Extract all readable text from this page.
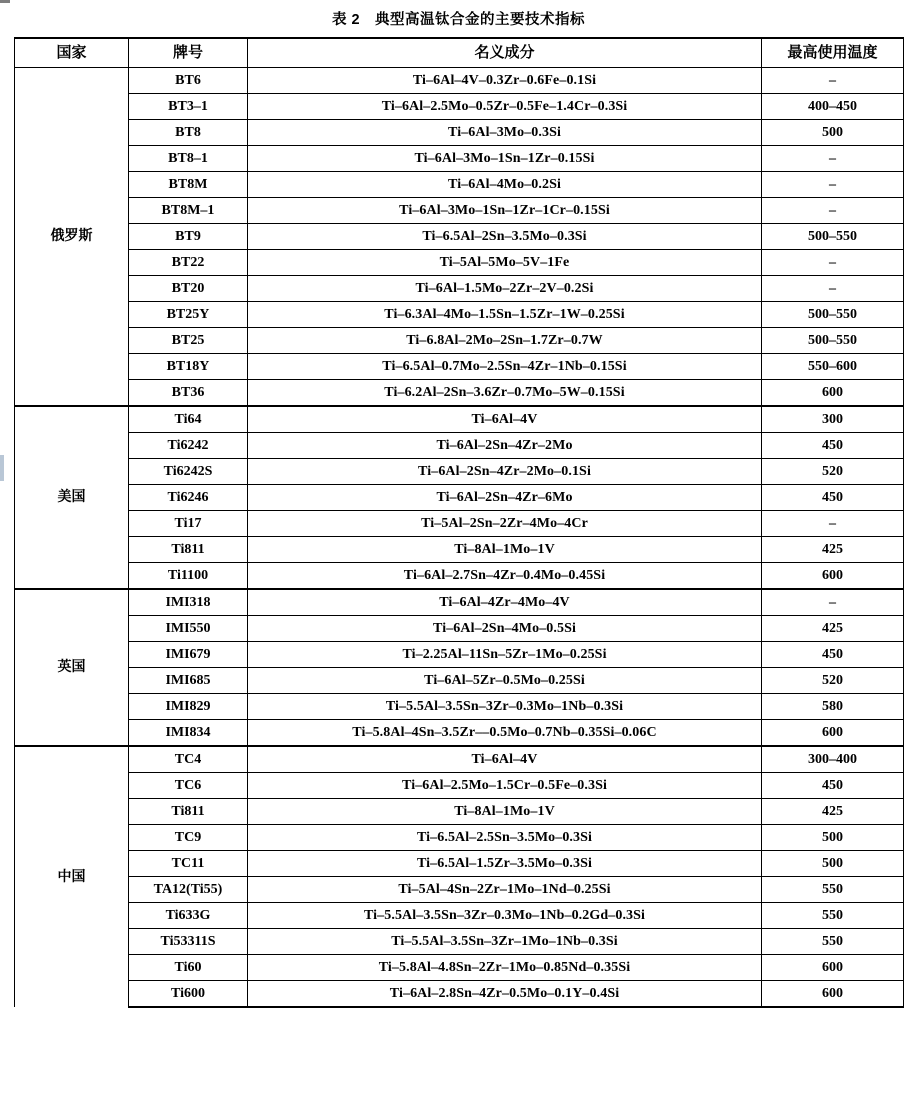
表 2　典型高温钛合金的主要技术指标
国家	牌号	名义成分	最高使用温度
俄罗斯	BT6	Ti–6Al–4V–0.3Zr–0.6Fe–0.1Si	–
	BT3–1	Ti–6Al–2.5Mo–0.5Zr–0.5Fe–1.4Cr–0.3Si	400–450
	BT8	Ti–6Al–3Mo–0.3Si	500
	BT8–1	Ti–6Al–3Mo–1Sn–1Zr–0.15Si	–
	BT8M	Ti–6Al–4Mo–0.2Si	–
	BT8M–1	Ti–6Al–3Mo–1Sn–1Zr–1Cr–0.15Si	–
	BT9	Ti–6.5Al–2Sn–3.5Mo–0.3Si	500–550
	BT22	Ti–5Al–5Mo–5V–1Fe	–
	BT20	Ti–6Al–1.5Mo–2Zr–2V–0.2Si	–
	BT25Y	Ti–6.3Al–4Mo–1.5Sn–1.5Zr–1W–0.25Si	500–550
	BT25	Ti–6.8Al–2Mo–2Sn–1.7Zr–0.7W	500–550
	BT18Y	Ti–6.5Al–0.7Mo–2.5Sn–4Zr–1Nb–0.15Si	550–600
	BT36	Ti–6.2Al–2Sn–3.6Zr–0.7Mo–5W–0.15Si	600
美国	Ti64	Ti–6Al–4V	300
	Ti6242	Ti–6Al–2Sn–4Zr–2Mo	450
	Ti6242S	Ti–6Al–2Sn–4Zr–2Mo–0.1Si	520
	Ti6246	Ti–6Al–2Sn–4Zr–6Mo	450
	Ti17	Ti–5Al–2Sn–2Zr–4Mo–4Cr	–
	Ti811	Ti–8Al–1Mo–1V	425
	Ti1100	Ti–6Al–2.7Sn–4Zr–0.4Mo–0.45Si	600
英国	IMI318	Ti–6Al–4Zr–4Mo–4V	–
	IMI550	Ti–6Al–2Sn–4Mo–0.5Si	425
	IMI679	Ti–2.25Al–11Sn–5Zr–1Mo–0.25Si	450
	IMI685	Ti–6Al–5Zr–0.5Mo–0.25Si	520
	IMI829	Ti–5.5Al–3.5Sn–3Zr–0.3Mo–1Nb–0.3Si	580
	IMI834	Ti–5.8Al–4Sn–3.5Zr––0.5Mo–0.7Nb–0.35Si–0.06C	600
中国	TC4	Ti–6Al–4V	300–400
	TC6	Ti–6Al–2.5Mo–1.5Cr–0.5Fe–0.3Si	450
	Ti811	Ti–8Al–1Mo–1V	425
	TC9	Ti–6.5Al–2.5Sn–3.5Mo–0.3Si	500
	TC11	Ti–6.5Al–1.5Zr–3.5Mo–0.3Si	500
	TA12(Ti55)	Ti–5Al–4Sn–2Zr–1Mo–1Nd–0.25Si	550
	Ti633G	Ti–5.5Al–3.5Sn–3Zr–0.3Mo–1Nb–0.2Gd–0.3Si	550
	Ti53311S	Ti–5.5Al–3.5Sn–3Zr–1Mo–1Nb–0.3Si	550
	Ti60	Ti–5.8Al–4.8Sn–2Zr–1Mo–0.85Nd–0.35Si	600
	Ti600	Ti–6Al–2.8Sn–4Zr–0.5Mo–0.1Y–0.4Si	600
